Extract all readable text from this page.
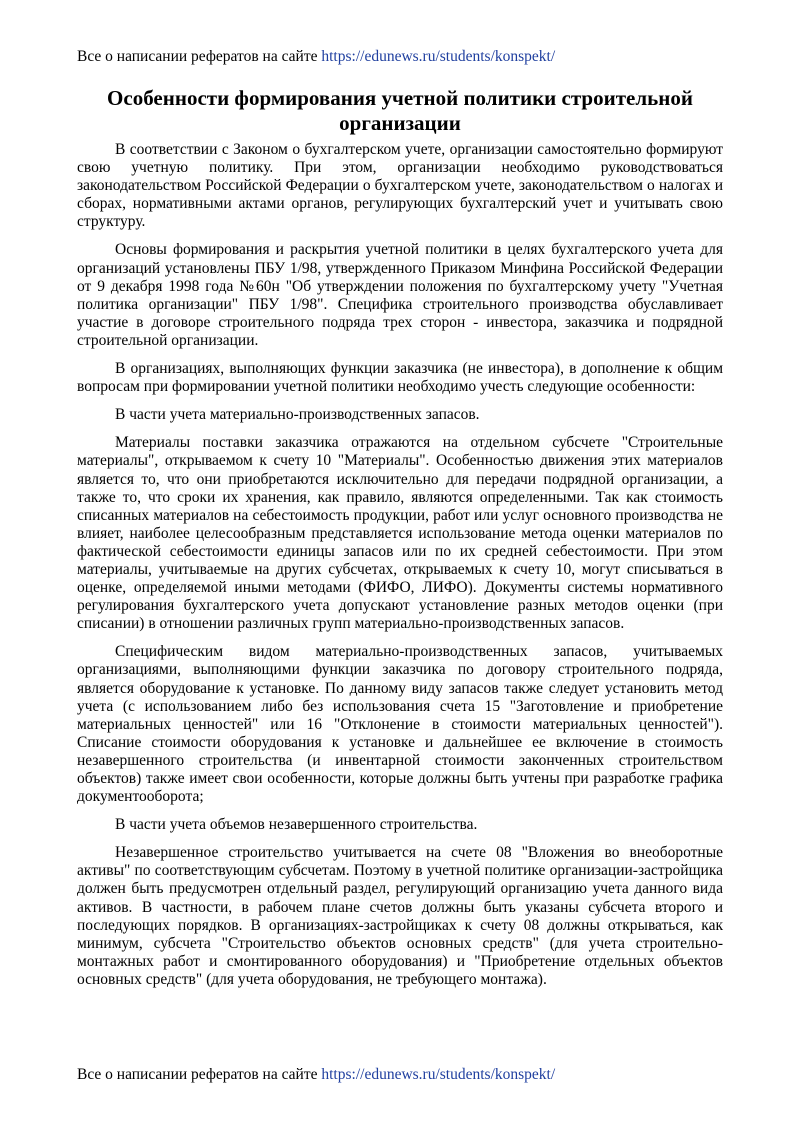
Все о написании рефератов на сайте https://edunews.ru/students/konspekt/
Особенности формирования учетной политики строительной организации

В соответствии с Законом о бухгалтерском учете, организации самостоятельно формируют свою учетную политику. При этом, организации необходимо руководствоваться законодательством Российской Федерации о бухгалтерском учете, законодательством о налогах и сборах, нормативными актами органов, регулирующих бухгалтерский учет и учитывать свою структуру.

Основы формирования и раскрытия учетной политики в целях бухгалтерского учета для организаций установлены ПБУ 1/98, утвержденного Приказом Минфина Российской Федерации от 9 декабря 1998 года №60н "Об утверждении положения по бухгалтерскому учету "Учетная политика организации" ПБУ 1/98". Специфика строительного производства обуславливает участие в договоре строительного подряда трех сторон - инвестора, заказчика и подрядной строительной организации.

В организациях, выполняющих функции заказчика (не инвестора), в дополнение к общим вопросам при формировании учетной политики необходимо учесть следующие особенности:

В части учета материально-производственных запасов.

Материалы поставки заказчика отражаются на отдельном субсчете "Строительные материалы", открываемом к счету 10 "Материалы". Особенностью движения этих материалов является то, что они приобретаются исключительно для передачи подрядной организации, а также то, что сроки их хранения, как правило, являются определенными. Так как стоимость списанных материалов на себестоимость продукции, работ или услуг основного производства не влияет, наиболее целесообразным представляется использование метода оценки материалов по фактической себестоимости единицы запасов или по их средней себестоимости. При этом материалы, учитываемые на других субсчетах, открываемых к счету 10, могут списываться в оценке, определяемой иными методами (ФИФО, ЛИФО). Документы системы нормативного регулирования бухгалтерского учета допускают установление разных методов оценки (при списании) в отношении различных групп материально-производственных запасов.

Специфическим видом материально-производственных запасов, учитываемых организациями, выполняющими функции заказчика по договору строительного подряда, является оборудование к установке. По данному виду запасов также следует установить метод учета (с использованием либо без использования счета 15 "Заготовление и приобретение материальных ценностей" или 16 "Отклонение в стоимости материальных ценностей"). Списание стоимости оборудования к установке и дальнейшее ее включение в стоимость незавершенного строительства (и инвентарной стоимости законченных строительством объектов) также имеет свои особенности, которые должны быть учтены при разработке графика документооборота;

В части учета объемов незавершенного строительства.

Незавершенное строительство учитывается на счете 08 "Вложения во внеоборотные активы" по соответствующим субсчетам. Поэтому в учетной политике организации-застройщика должен быть предусмотрен отдельный раздел, регулирующий организацию учета данного вида активов. В частности, в рабочем плане счетов должны быть указаны субсчета второго и последующих порядков. В организациях-застройщиках к счету 08 должны открываться, как минимум, субсчета "Строительство объектов основных средств" (для учета строительно-монтажных работ и смонтированного оборудования) и "Приобретение отдельных объектов основных средств" (для учета оборудования, не требующего монтажа).

Все о написании рефератов на сайте https://edunews.ru/students/konspekt/
